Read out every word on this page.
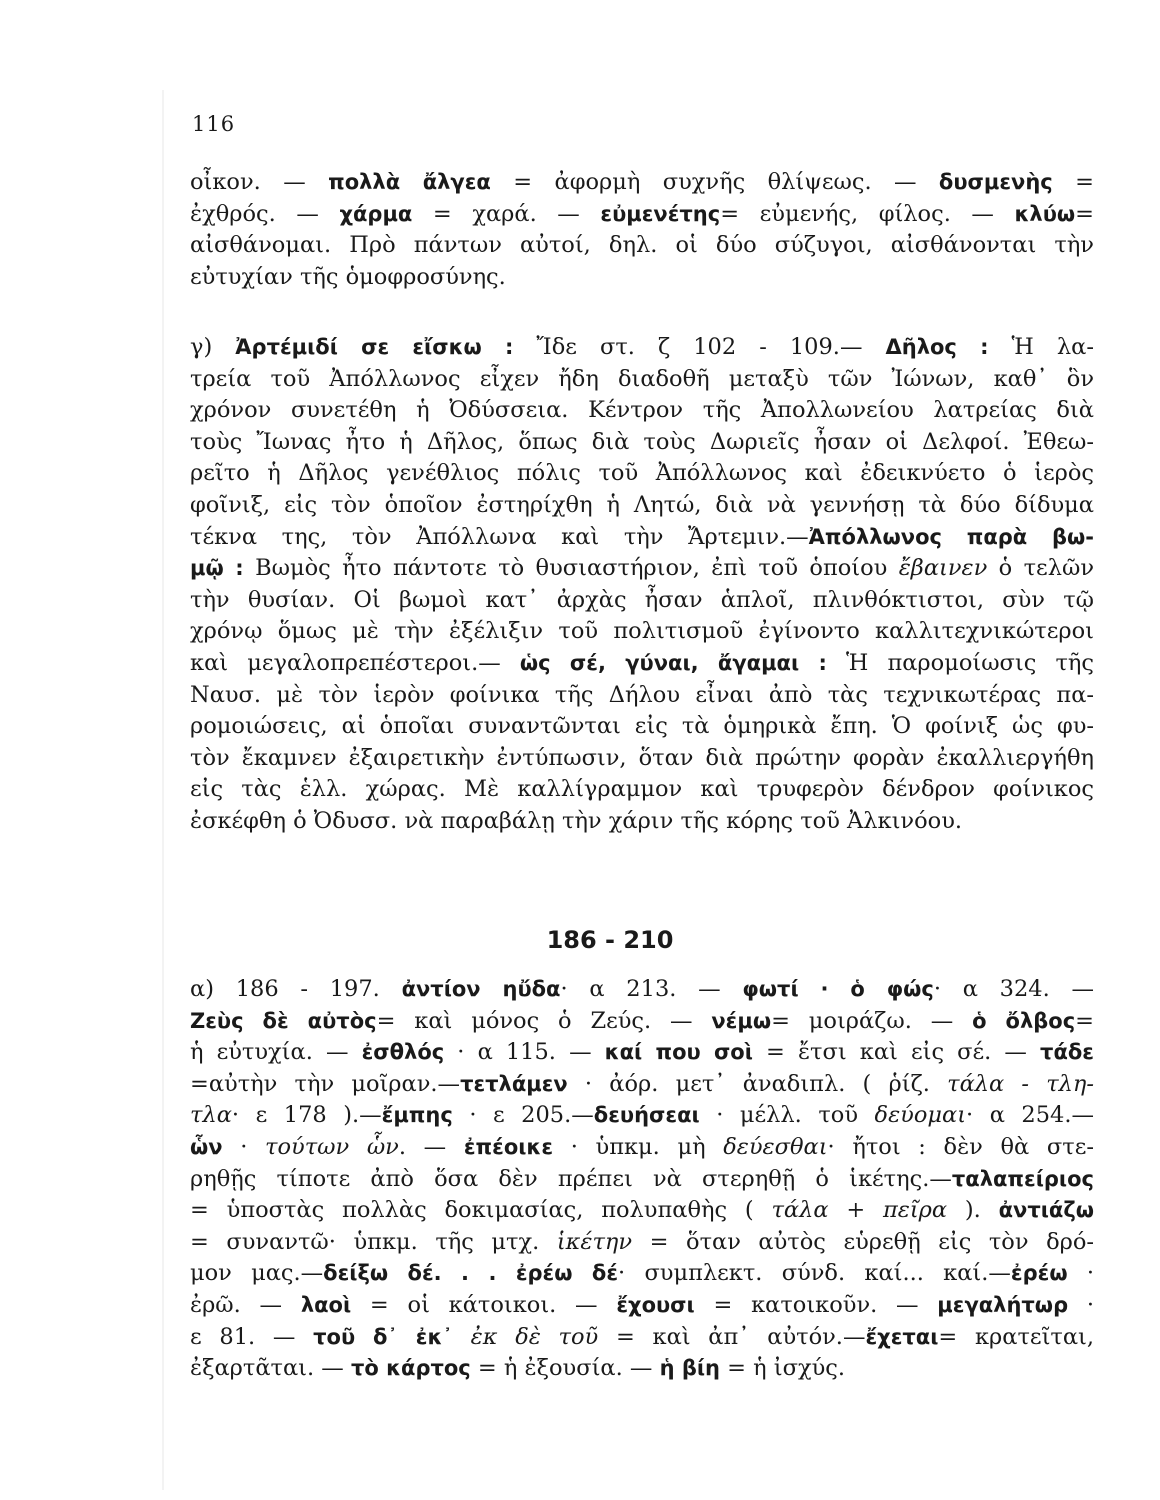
116
οἶκον. — πολλὰ ἄλγεα = ἀφορμὴ συχνῆς θλίψεως. — δυσμενὴς =
ἐχθρός. — χάρμα = χαρά. — εὐμενέτης= εὐμενής, φίλος. — κλύω=
αἰσθάνομαι. Πρὸ πάντων αὐτοί, δηλ. οἱ δύο σύζυγοι, αἰσθάνονται τὴν
εὐτυχίαν τῆς ὁμοφροσύνης.
γ) Ἀρτέμιδί σε εἴσκω : Ἴδε στ. ζ 102 - 109.— Δῆλος : Ἡ λα-
τρεία τοῦ Ἀπόλλωνος εἶχεν ἤδη διαδοθῆ μεταξὺ τῶν Ἰώνων, καθ᾽ ὃν
χρόνον συνετέθη ἡ Ὀδύσσεια. Κέντρον τῆς Ἀπολλωνείου λατρείας διὰ
τοὺς Ἴωνας ἦτο ἡ Δῆλος, ὅπως διὰ τοὺς Δωριεῖς ἦσαν οἱ Δελφοί. Ἐθεω-
ρεῖτο ἡ Δῆλος γενέθλιος πόλις τοῦ Ἀπόλλωνος καὶ ἐδεικνύετο ὁ ἱερὸς
φοῖνιξ, εἰς τὸν ὁποῖον ἐστηρίχθη ἡ Λητώ, διὰ νὰ γεννήσῃ τὰ δύο δίδυμα
τέκνα της, τὸν Ἀπόλλωνα καὶ τὴν Ἄρτεμιν.—Ἀπόλλωνος παρὰ βω-
μῷ : Βωμὸς ἦτο πάντοτε τὸ θυσιαστήριον, ἐπὶ τοῦ ὁποίου ἔβαινεν ὁ τελῶν
τὴν θυσίαν. Οἱ βωμοὶ κατ᾽ ἀρχὰς ἦσαν ἁπλοῖ, πλινθόκτιστοι, σὺν τῷ
χρόνῳ ὅμως μὲ τὴν ἐξέλιξιν τοῦ πολιτισμοῦ ἐγίνοντο καλλιτεχνικώτεροι
καὶ μεγαλοπρεπέστεροι.— ὡς σέ, γύναι, ἄγαμαι : Ἡ παρομοίωσις τῆς
Ναυσ. μὲ τὸν ἱερὸν φοίνικα τῆς Δήλου εἶναι ἀπὸ τὰς τεχνικωτέρας πα-
ρομοιώσεις, αἱ ὁποῖαι συναντῶνται εἰς τὰ ὁμηρικὰ ἔπη. Ὁ φοίνιξ ὡς φυ-
τὸν ἔκαμνεν ἐξαιρετικὴν ἐντύπωσιν, ὅταν διὰ πρώτην φορὰν ἐκαλλιεργήθη
εἰς τὰς ἑλλ. χώρας. Μὲ καλλίγραμμον καὶ τρυφερὸν δένδρον φοίνικος
ἐσκέφθη ὁ Ὀδυσσ. νὰ παραβάλῃ τὴν χάριν τῆς κόρης τοῦ Ἀλκινόου.
186 - 210
α) 186 - 197. ἀντίον ηὔδα· α 213. — φωτί · ὁ φώς· α 324. —
Ζεὺς δὲ αὐτὸς= καὶ μόνος ὁ Ζεύς. — νέμω= μοιράζω. — ὁ ὄλβος=
ἡ εὐτυχία. — ἐσθλός · α 115. — καί που σοὶ = ἔτσι καὶ εἰς σέ. — τάδε
=αὐτὴν τὴν μοῖραν.—τετλάμεν · ἀόρ. μετ᾽ ἀναδιπλ. ( ῥίζ. τάλα - τλη-
τλα· ε 178 ).—ἔμπης · ε 205.—δευήσεαι · μέλλ. τοῦ δεύομαι· α 254.—
ὧν · τούτων ὧν. — ἐπέοικε · ὑπκμ. μὴ δεύεσθαι· ἤτοι : δὲν θὰ στε-
ρηθῇς τίποτε ἀπὸ ὅσα δὲν πρέπει νὰ στερηθῇ ὁ ἱκέτης.—ταλαπείριος
= ὑποστὰς πολλὰς δοκιμασίας, πολυπαθὴς ( τάλα + πεῖρα ). ἀντιάζω
= συναντῶ· ὑπκμ. τῆς μτχ. ἱκέτην = ὅταν αὐτὸς εὑρεθῇ εἰς τὸν δρό-
μον μας.—δείξω δέ. . . ἐρέω δέ· συμπλεκτ. σύνδ. καί... καί.—ἐρέω ·
ἐρῶ. — λαοὶ = οἱ κάτοικοι. — ἔχουσι = κατοικοῦν. — μεγαλήτωρ ·
ε 81. — τοῦ δ᾽ ἐκ᾽ ἐκ δὲ τοῦ = καὶ ἀπ᾽ αὐτόν.—ἔχεται= κρατεῖται,
ἐξαρτᾶται. — τὸ κάρτος = ἡ ἐξουσία. — ἡ βίη = ἡ ἰσχύς.
